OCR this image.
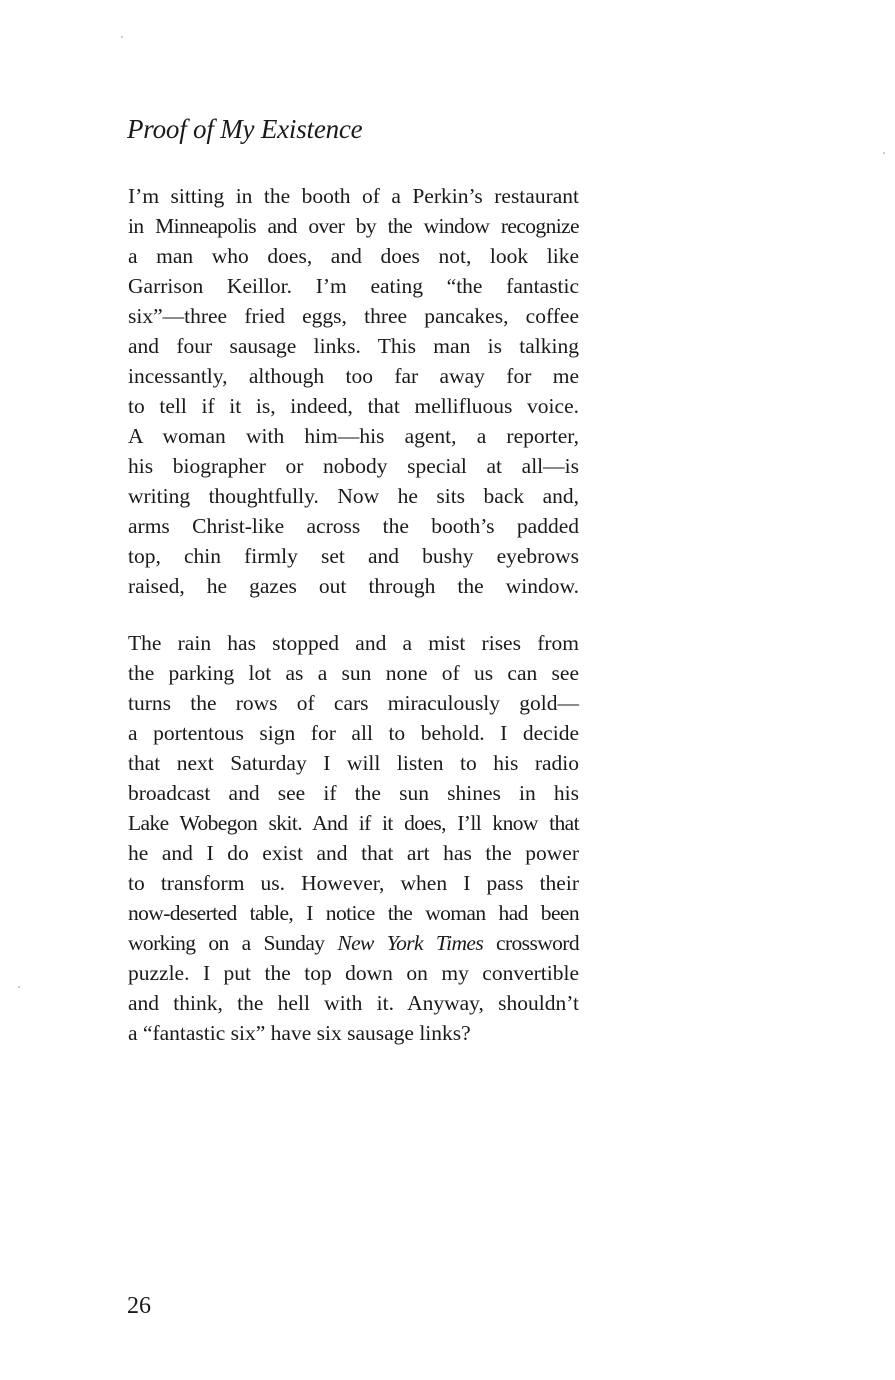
Proof of My Existence
I’m sitting in the booth of a Perkin’s restaurant
in Minneapolis and over by the window recognize
a man who does, and does not, look like
Garrison Keillor. I’m eating “the fantastic
six”—three fried eggs, three pancakes, coffee
and four sausage links. This man is talking
incessantly, although too far away for me
to tell if it is, indeed, that mellifluous voice.
A woman with him—his agent, a reporter,
his biographer or nobody special at all—is
writing thoughtfully. Now he sits back and,
arms Christ-like across the booth’s padded
top, chin firmly set and bushy eyebrows
raised, he gazes out through the window.
The rain has stopped and a mist rises from
the parking lot as a sun none of us can see
turns the rows of cars miraculously gold—
a portentous sign for all to behold. I decide
that next Saturday I will listen to his radio
broadcast and see if the sun shines in his
Lake Wobegon skit. And if it does, I’ll know that
he and I do exist and that art has the power
to transform us. However, when I pass their
now-deserted table, I notice the woman had been
working on a Sunday New York Times crossword
puzzle. I put the top down on my convertible
and think, the hell with it. Anyway, shouldn’t
a “fantastic six” have six sausage links?

26
